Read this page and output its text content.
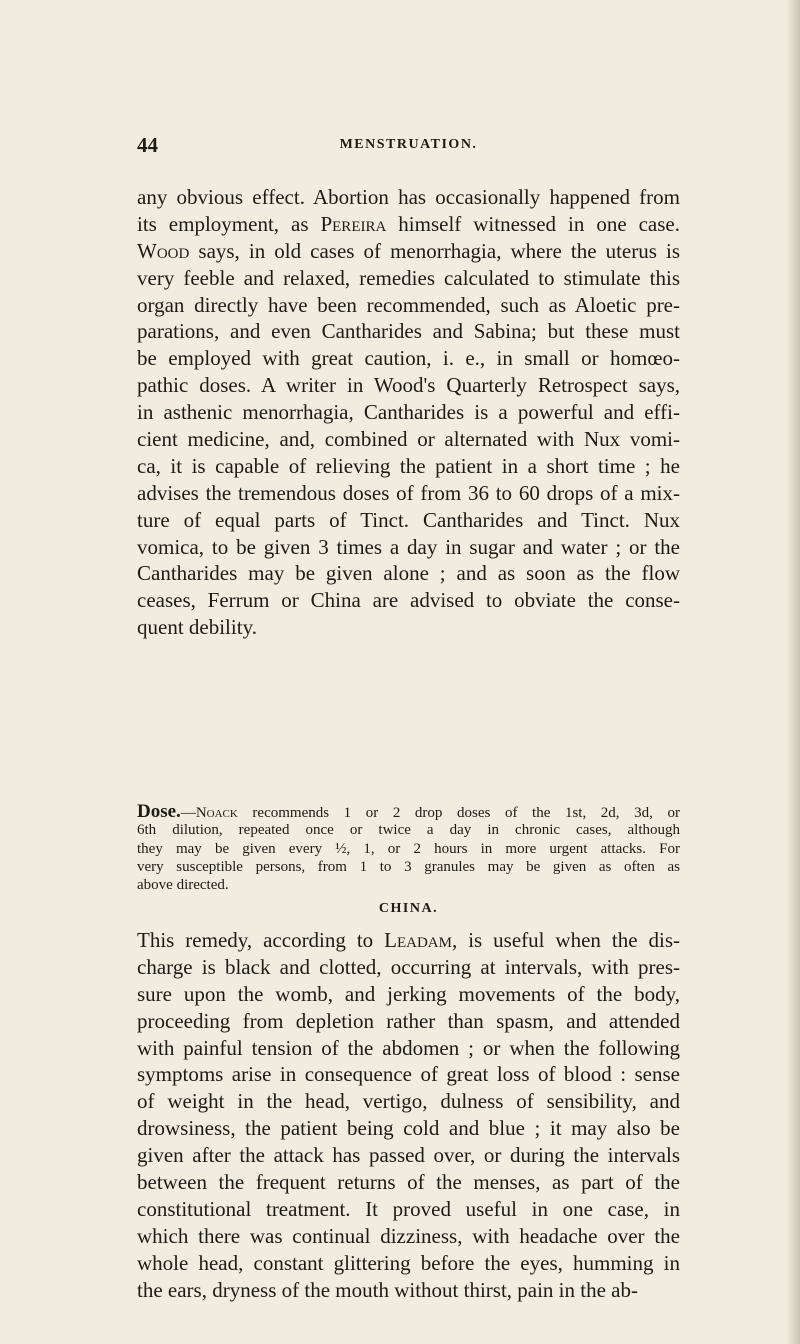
44	MENSTRUATION.
any obvious effect. Abortion has occasionally happened from
its employment, as Pereira himself witnessed in one case.
Wood says, in old cases of menorrhagia, where the uterus is
very feeble and relaxed, remedies calculated to stimulate this
organ directly have been recommended, such as Aloetic pre-
parations, and even Cantharides and Sabina; but these must
be employed with great caution, i. e., in small or homœo-
pathic doses. A writer in Wood's Quarterly Retrospect says,
in asthenic menorrhagia, Cantharides is a powerful and effi-
cient medicine, and, combined or alternated with Nux vomi-
ca, it is capable of relieving the patient in a short time ; he
advises the tremendous doses of from 36 to 60 drops of a mix-
ture of equal parts of Tinct. Cantharides and Tinct. Nux
vomica, to be given 3 times a day in sugar and water ; or the
Cantharides may be given alone ; and as soon as the flow
ceases, Ferrum or China are advised to obviate the conse-
quent debility.
Dose.—Noack recommends 1 or 2 drop doses of the 1st, 2d, 3d, or
6th dilution, repeated once or twice a day in chronic cases, although
they may be given every ½, 1, or 2 hours in more urgent attacks. For
very susceptible persons, from 1 to 3 granules may be given as often as
above directed.
CHINA.
This remedy, according to Leadam, is useful when the dis-
charge is black and clotted, occurring at intervals, with pres-
sure upon the womb, and jerking movements of the body,
proceeding from depletion rather than spasm, and attended
with painful tension of the abdomen ; or when the following
symptoms arise in consequence of great loss of blood : sense
of weight in the head, vertigo, dulness of sensibility, and
drowsiness, the patient being cold and blue ; it may also be
given after the attack has passed over, or during the intervals
between the frequent returns of the menses, as part of the
constitutional treatment. It proved useful in one case, in
which there was continual dizziness, with headache over the
whole head, constant glittering before the eyes, humming in
the ears, dryness of the mouth without thirst, pain in the ab-
